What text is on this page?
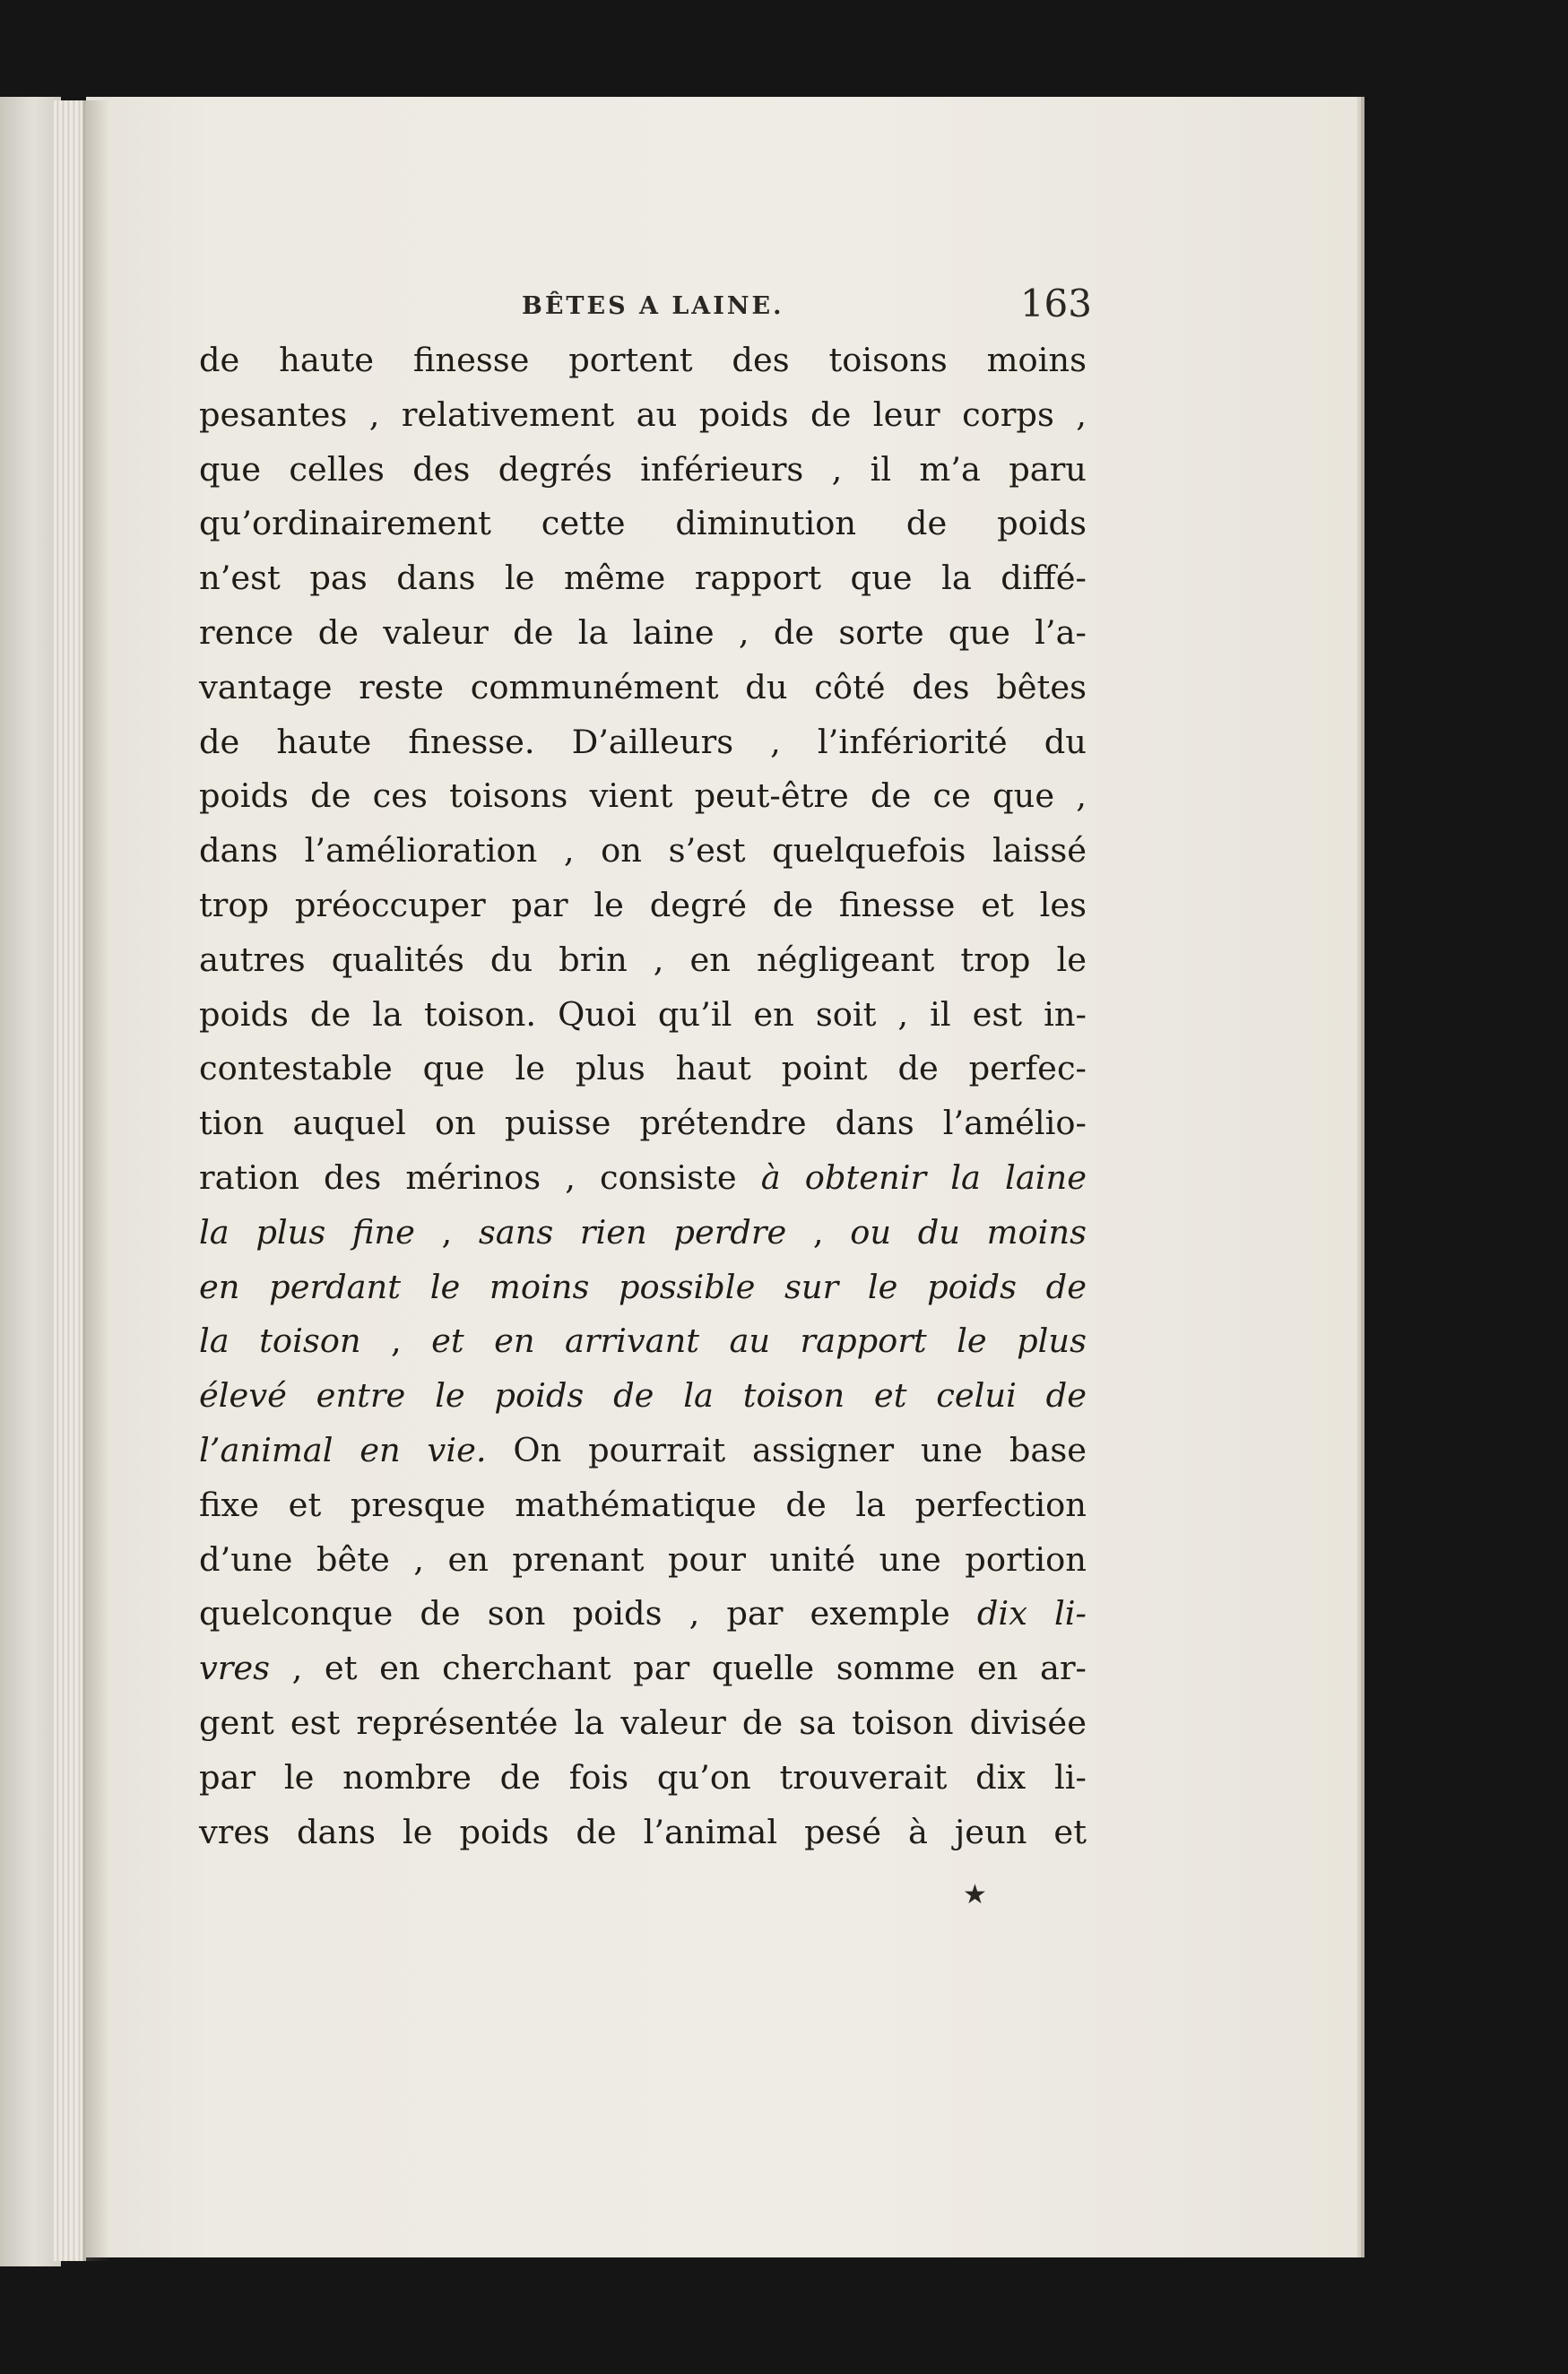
BÊTES A LAINE.	163
de haute finesse portent des toisons moins
pesantes , relativement au poids de leur corps ,
que celles des degrés inférieurs , il m’a paru
qu’ordinairement cette diminution de poids
n’est pas dans le même rapport que la diffé-
rence de valeur de la laine , de sorte que l’a-
vantage reste communément du côté des bêtes
de haute finesse. D’ailleurs , l’infériorité du
poids de ces toisons vient peut-être de ce que ,
dans l’amélioration , on s’est quelquefois laissé
trop préoccuper par le degré de finesse et les
autres qualités du brin , en négligeant trop le
poids de la toison. Quoi qu’il en soit , il est in-
contestable que le plus haut point de perfec-
tion auquel on puisse prétendre dans l’amélio-
ration des mérinos , consiste à obtenir la laine
la plus fine , sans rien perdre , ou du moins
en perdant le moins possible sur le poids de
la toison , et en arrivant au rapport le plus
élevé entre le poids de la toison et celui de
l’animal en vie. On pourrait assigner une base
fixe et presque mathématique de la perfection
d’une bête , en prenant pour unité une portion
quelconque de son poids , par exemple dix li-
vres , et en cherchant par quelle somme en ar-
gent est représentée la valeur de sa toison divisée
par le nombre de fois qu’on trouverait dix li-
vres dans le poids de l’animal pesé à jeun et
★
